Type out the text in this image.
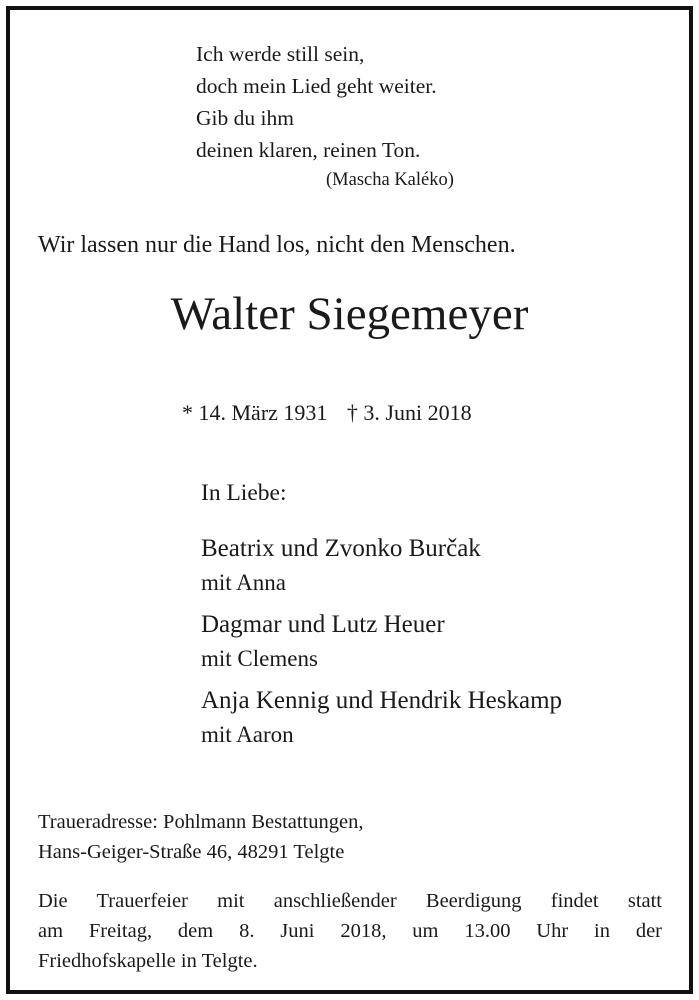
Ich werde still sein,
doch mein Lied geht weiter.
Gib du ihm
deinen klaren, reinen Ton.
(Mascha Kaléko)
Wir lassen nur die Hand los, nicht den Menschen.
Walter Siegemeyer
* 14. März 1931 † 3. Juni 2018
In Liebe:
Beatrix und Zvonko Burčak
mit Anna
Dagmar und Lutz Heuer
mit Clemens
Anja Kennig und Hendrik Heskamp
mit Aaron
Traueradresse: Pohlmann Bestattungen,
Hans-Geiger-Straße 46, 48291 Telgte
Die Trauerfeier mit anschließender Beerdigung findet statt
am Freitag, dem 8. Juni 2018, um 13.00 Uhr in der
Friedhofskapelle in Telgte.
